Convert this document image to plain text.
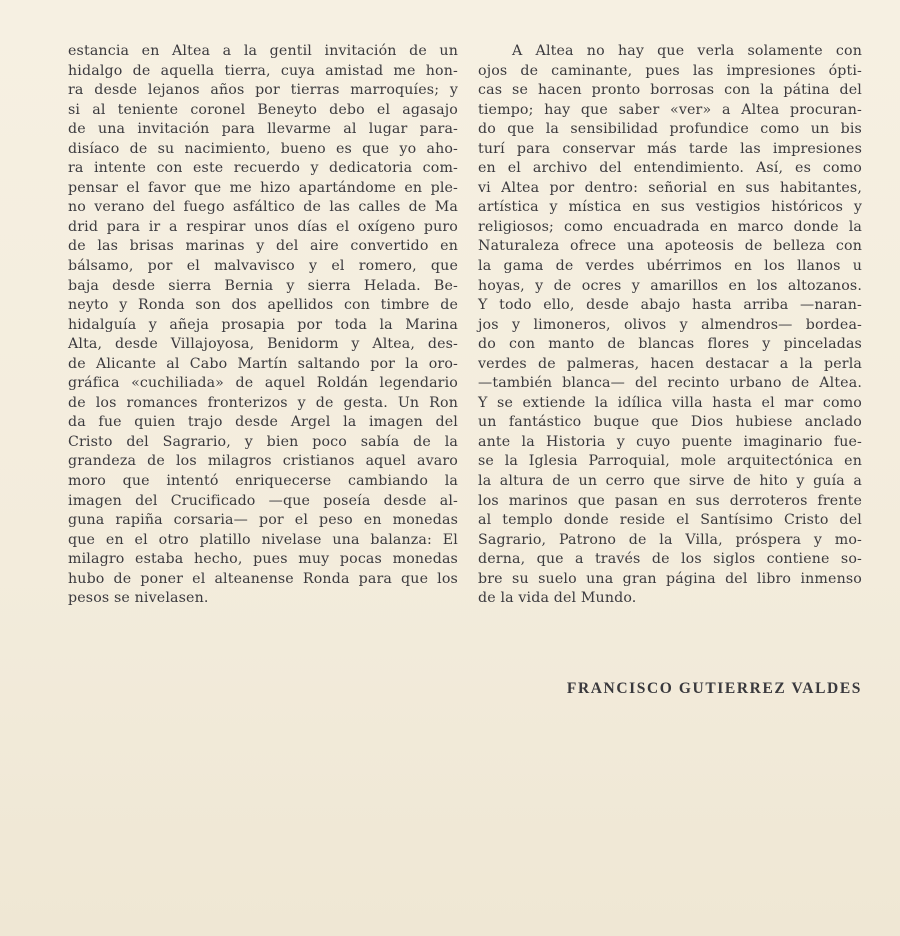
estancia en Altea a la gentil invitación de un
hidalgo de aquella tierra, cuya amistad me hon-
ra desde lejanos años por tierras marroquíes; y
si al teniente coronel Beneyto debo el agasajo
de una invitación para llevarme al lugar para-
disíaco de su nacimiento, bueno es que yo aho-
ra intente con este recuerdo y dedicatoria com-
pensar el favor que me hizo apartándome en ple-
no verano del fuego asfáltico de las calles de Ma
drid para ir a respirar unos días el oxígeno puro
de las brisas marinas y del aire convertido en
bálsamo, por el malvavisco y el romero, que
baja desde sierra Bernia y sierra Helada. Be-
neyto y Ronda son dos apellidos con timbre de
hidalguía y añeja prosapia por toda la Marina
Alta, desde Villajoyosa, Benidorm y Altea, des-
de Alicante al Cabo Martín saltando por la oro-
gráfica «cuchiliada» de aquel Roldán legendario
de los romances fronterizos y de gesta. Un Ron
da fue quien trajo desde Argel la imagen del
Cristo del Sagrario, y bien poco sabía de la
grandeza de los milagros cristianos aquel avaro
moro que intentó enriquecerse cambiando la
imagen del Crucificado —que poseía desde al-
guna rapiña corsaria— por el peso en monedas
que en el otro platillo nivelase una balanza: El
milagro estaba hecho, pues muy pocas monedas
hubo de poner el alteanense Ronda para que los
pesos se nivelasen.
A Altea no hay que verla solamente con
ojos de caminante, pues las impresiones ópti-
cas se hacen pronto borrosas con la pátina del
tiempo; hay que saber «ver» a Altea procuran-
do que la sensibilidad profundice como un bis
turí para conservar más tarde las impresiones
en el archivo del entendimiento. Así, es como
vi Altea por dentro: señorial en sus habitantes,
artística y mística en sus vestigios históricos y
religiosos; como encuadrada en marco donde la
Naturaleza ofrece una apoteosis de belleza con
la gama de verdes ubérrimos en los llanos u
hoyas, y de ocres y amarillos en los altozanos.
Y todo ello, desde abajo hasta arriba —naran-
jos y limoneros, olivos y almendros— bordea-
do con manto de blancas flores y pinceladas
verdes de palmeras, hacen destacar a la perla
—también blanca— del recinto urbano de Altea.
Y se extiende la idílica villa hasta el mar como
un fantástico buque que Dios hubiese anclado
ante la Historia y cuyo puente imaginario fue-
se la Iglesia Parroquial, mole arquitectónica en
la altura de un cerro que sirve de hito y guía a
los marinos que pasan en sus derroteros frente
al templo donde reside el Santísimo Cristo del
Sagrario, Patrono de la Villa, próspera y mo-
derna, que a través de los siglos contiene so-
bre su suelo una gran página del libro inmenso
de la vida del Mundo.
FRANCISCO GUTIERREZ VALDES
